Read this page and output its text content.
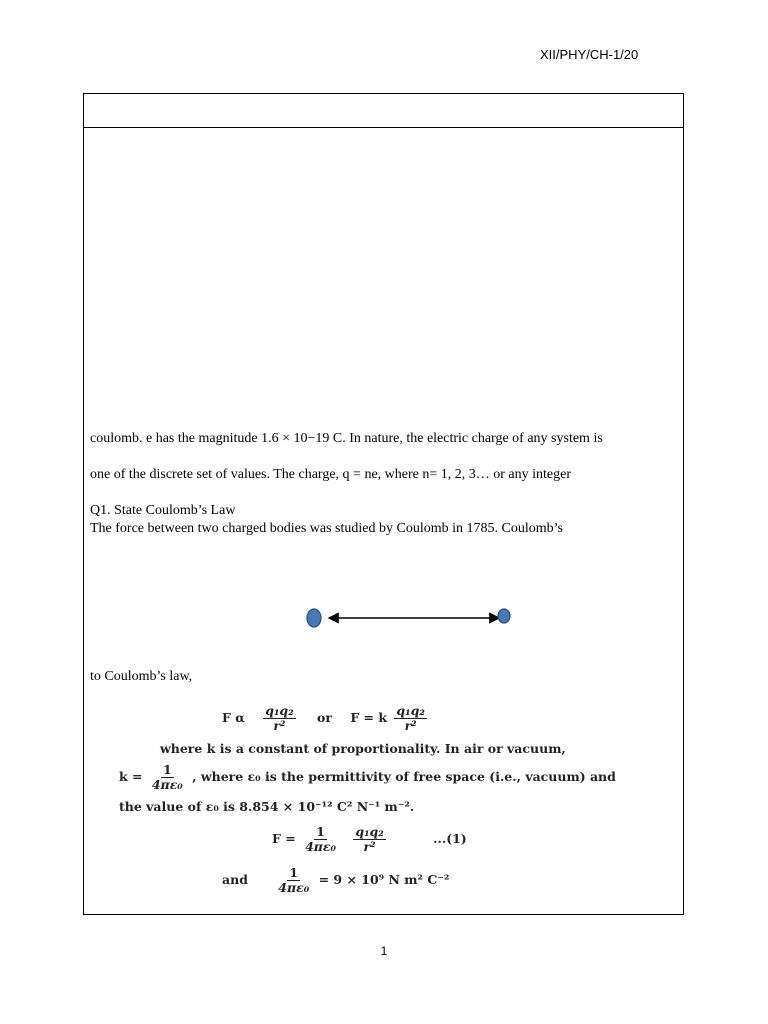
XII/PHY/CH-1/20
coulomb. e has the magnitude 1.6 × 10−19 C. In nature, the electric charge of any system is
one of the discrete set of values. The charge, q = ne, where n= 1, 2, 3… or any integer
Q1. State Coulomb’s Law
The force between two charged bodies was studied by Coulomb in 1785. Coulomb’s
to Coulomb’s law,
F α $\frac{\text{q₁q₂}}{\text{r²}}$ or F = k $\frac{\text{q₁q₂}}{\text{r²}}$
where k is a constant of proportionality. In air or vacuum,
$k = \frac{1}{\text{4πε₀}}$ , where ε₀ is the permittivity of free space (i.e., vacuum) and
the value of ε₀ is 8.854 × 10⁻¹² C² N⁻¹ m⁻².
$F = \frac{1}{\text{4πε₀}}$
$\frac{\text{q₁q₂}}{\text{r²}}$	...(1)
and $\frac{1}{\text{4πε₀}} = 9 \times 10^9$ N m² C⁻²
1
